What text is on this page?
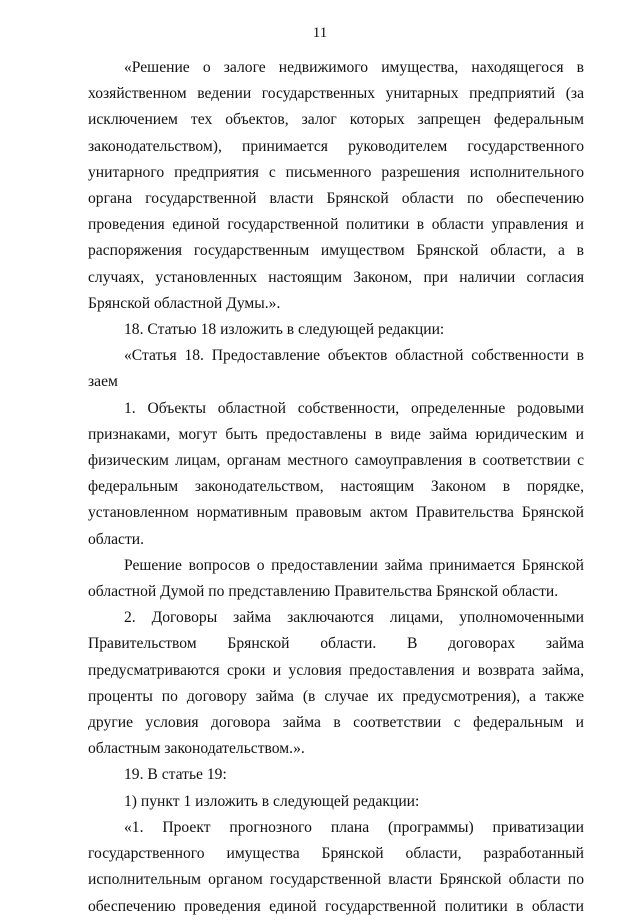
11

«Решение о залоге недвижимого имущества, находящегося в хозяйственном ведении государственных унитарных предприятий (за исключением тех объектов, залог которых запрещен федеральным законодательством), принимается руководителем государственного унитарного предприятия с письменного разрешения исполнительного органа государственной власти Брянской области по обеспечению проведения единой государственной политики в области управления и распоряжения государственным имуществом Брянской области, а в случаях, установленных настоящим Законом, при наличии согласия Брянской областной Думы.».

18. Статью 18 изложить в следующей редакции:

«Статья 18. Предоставление объектов областной собственности в заем

1. Объекты областной собственности, определенные родовыми признаками, могут быть предоставлены в виде займа юридическим и физическим лицам, органам местного самоуправления в соответствии с федеральным законодательством, настоящим Законом в порядке, установленном нормативным правовым актом Правительства Брянской области.

Решение вопросов о предоставлении займа принимается Брянской областной Думой по представлению Правительства Брянской области.

2. Договоры займа заключаются лицами, уполномоченными Правительством Брянской области. В договорах займа предусматриваются сроки и условия предоставления и возврата займа, проценты по договору займа (в случае их предусмотрения), а также другие условия договора займа в соответствии с федеральным и областным законодательством.».

19. В статье 19:

1) пункт 1 изложить в следующей редакции:

«1. Проект прогнозного плана (программы) приватизации государственного имущества Брянской области, разработанный исполнительным органом государственной власти Брянской области по обеспечению проведения единой государственной политики в области
